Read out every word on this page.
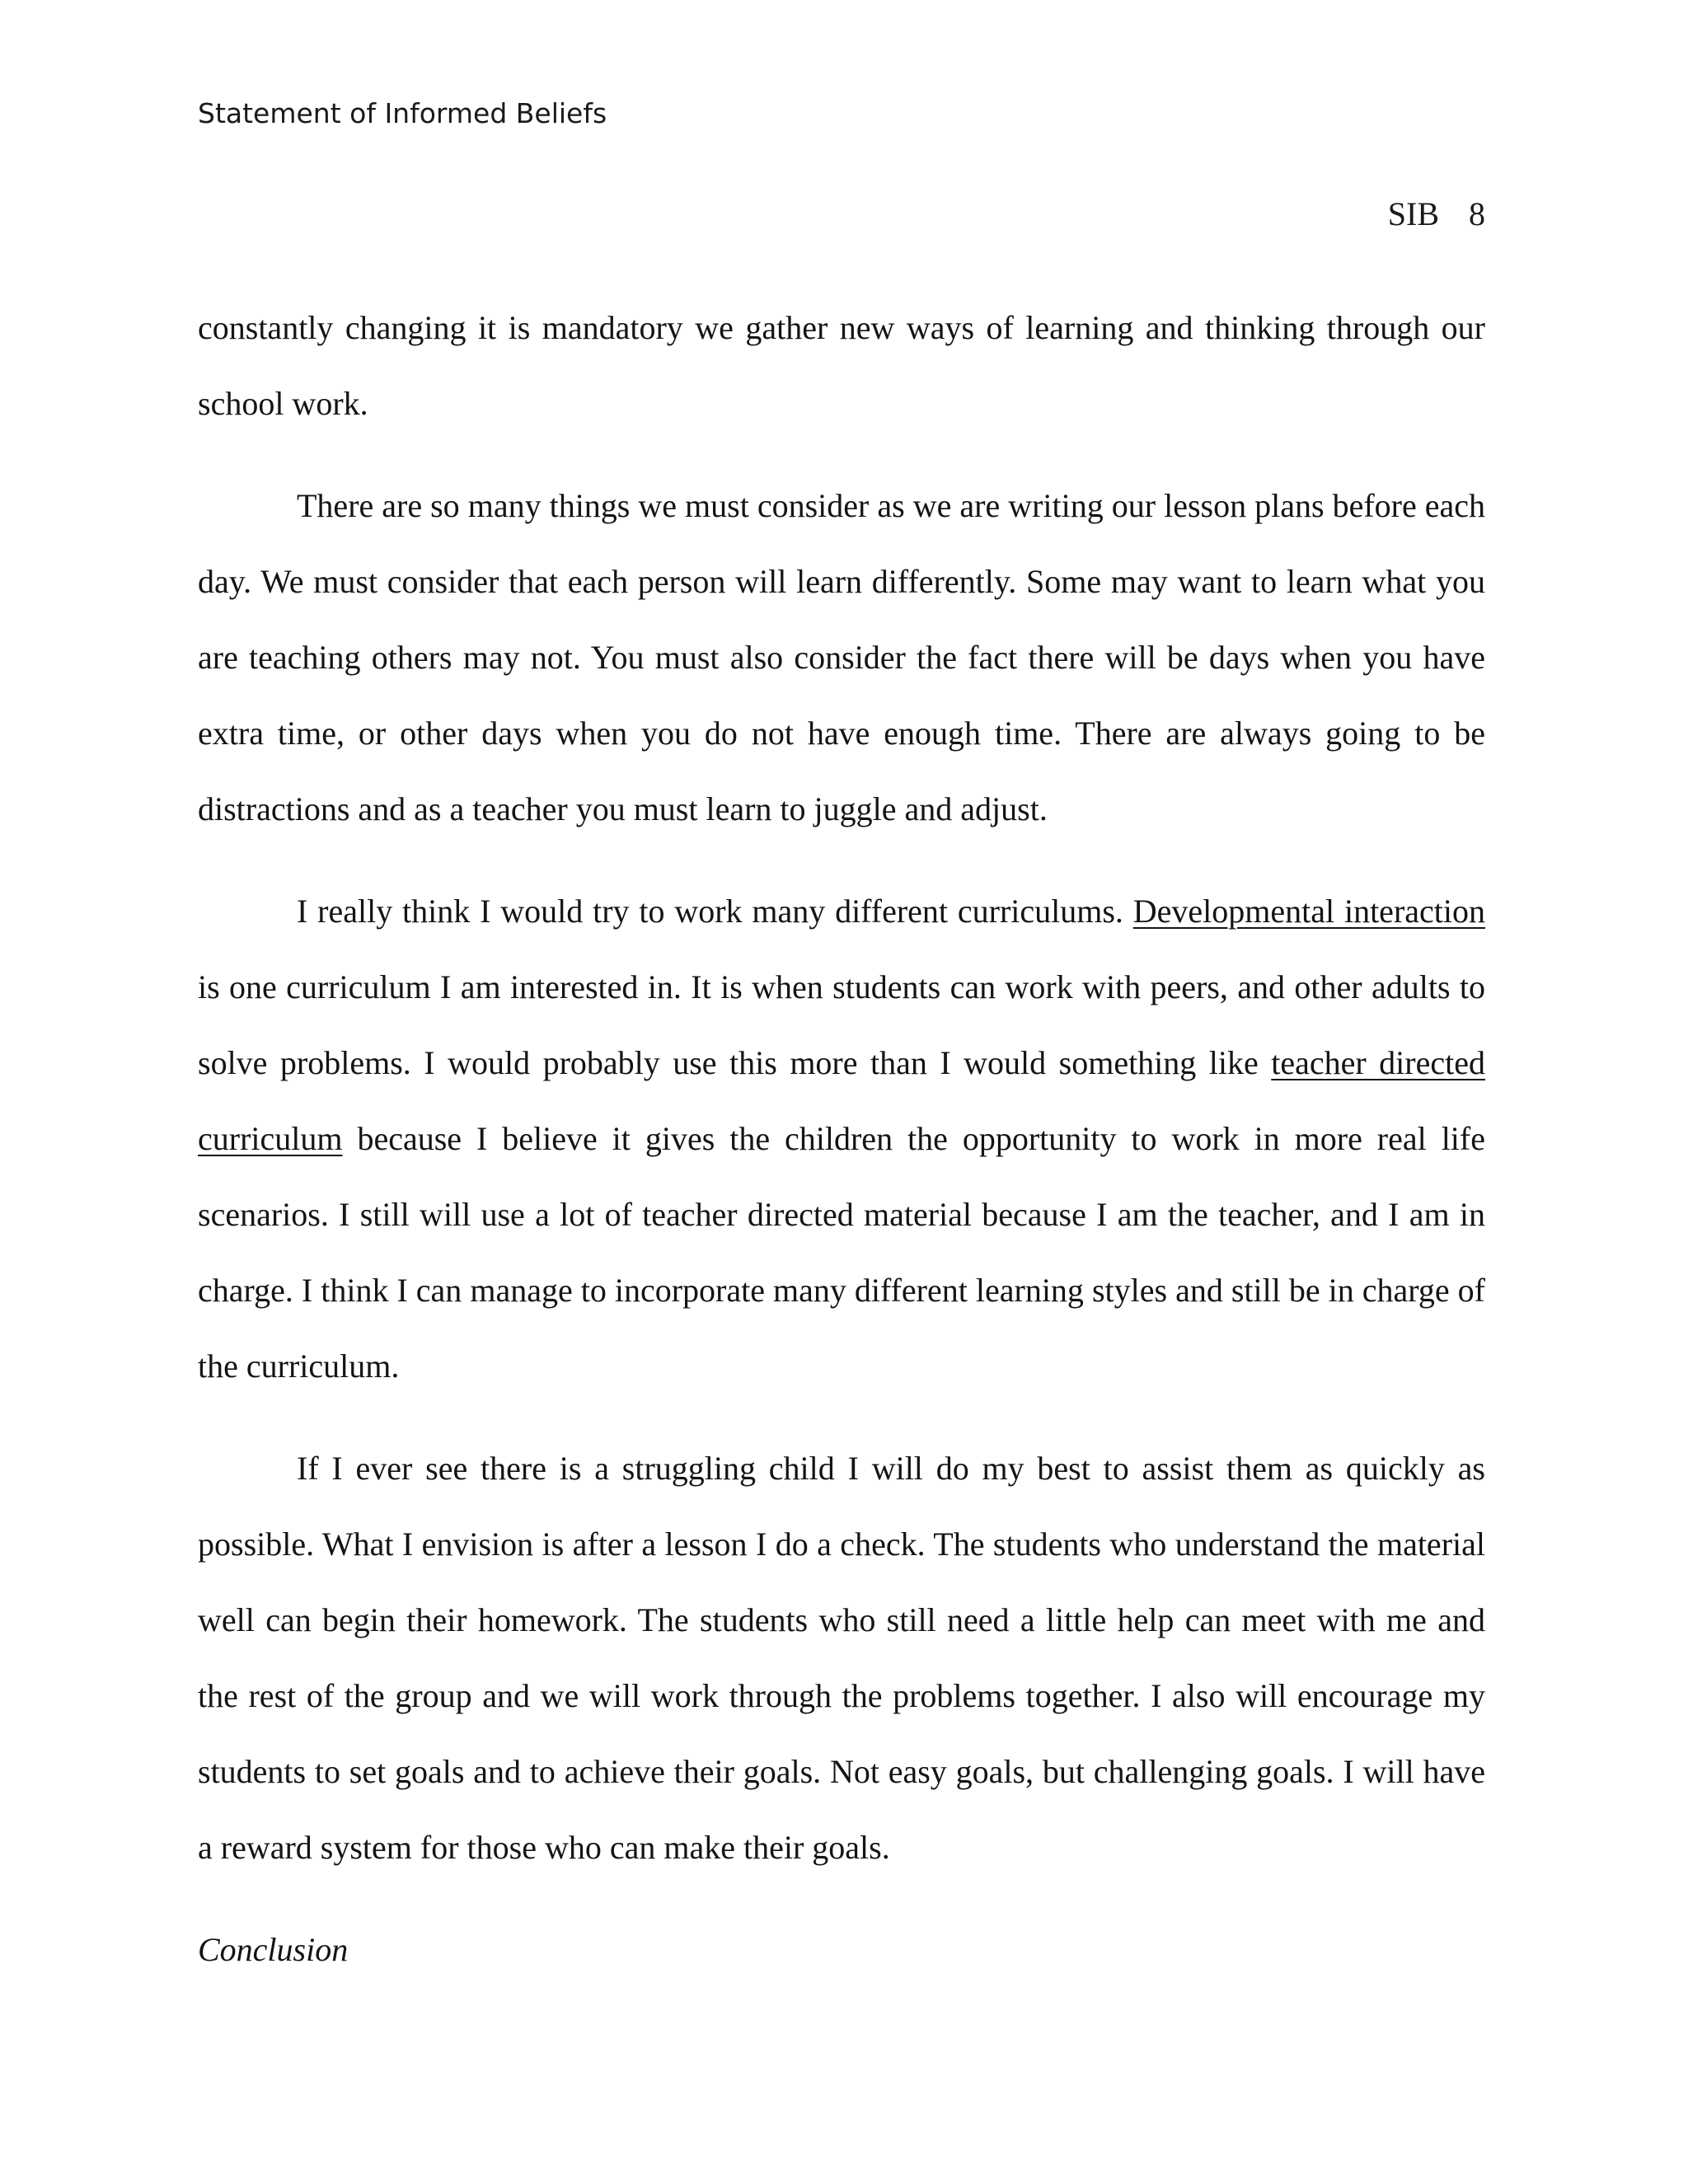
Statement of Informed Beliefs
SIB 8

constantly changing it is mandatory we gather new ways of learning and thinking through our school work.

There are so many things we must consider as we are writing our lesson plans before each day. We must consider that each person will learn differently. Some may want to learn what you are teaching others may not. You must also consider the fact there will be days when you have extra time, or other days when you do not have enough time. There are always going to be distractions and as a teacher you must learn to juggle and adjust.

I really think I would try to work many different curriculums. Developmental interaction is one curriculum I am interested in. It is when students can work with peers, and other adults to solve problems. I would probably use this more than I would something like teacher directed curriculum because I believe it gives the children the opportunity to work in more real life scenarios. I still will use a lot of teacher directed material because I am the teacher, and I am in charge. I think I can manage to incorporate many different learning styles and still be in charge of the curriculum.

If I ever see there is a struggling child I will do my best to assist them as quickly as possible. What I envision is after a lesson I do a check. The students who understand the material well can begin their homework. The students who still need a little help can meet with me and the rest of the group and we will work through the problems together. I also will encourage my students to set goals and to achieve their goals. Not easy goals, but challenging goals. I will have a reward system for those who can make their goals.

Conclusion
